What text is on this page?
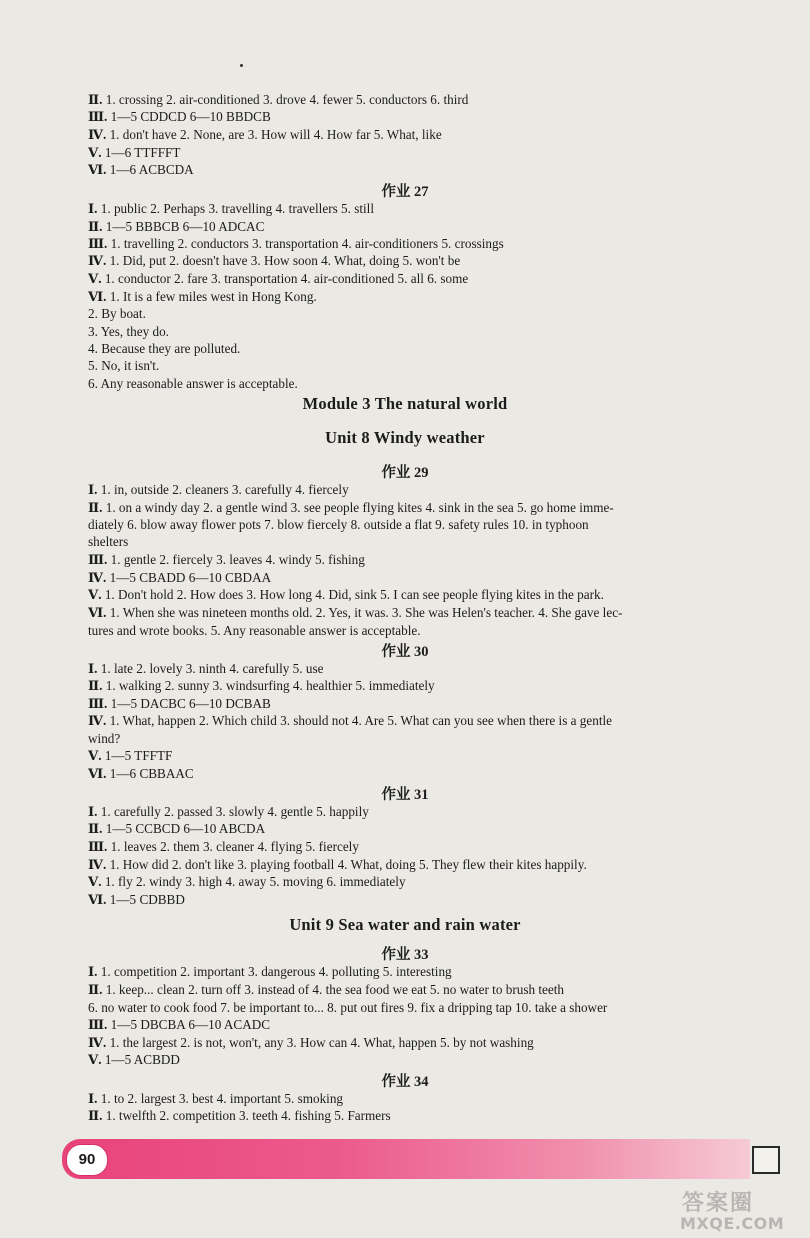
Ⅱ. 1. crossing 2. air-conditioned 3. drove 4. fewer 5. conductors 6. third
Ⅲ. 1—5 CDDCD 6—10 BBDCB
Ⅳ. 1. don't have 2. None, are 3. How will 4. How far 5. What, like
Ⅴ. 1—6 TTFFFT
Ⅵ. 1—6 ACBCDA
作业 27
Ⅰ. 1. public 2. Perhaps 3. travelling 4. travellers 5. still
Ⅱ. 1—5 BBBCB 6—10 ADCAC
Ⅲ. 1. travelling 2. conductors 3. transportation 4. air-conditioners 5. crossings
Ⅳ. 1. Did, put 2. doesn't have 3. How soon 4. What, doing 5. won't be
Ⅴ. 1. conductor 2. fare 3. transportation 4. air-conditioned 5. all 6. some
Ⅵ. 1. It is a few miles west in Hong Kong.
2. By boat.
3. Yes, they do.
4. Because they are polluted.
5. No, it isn't.
6. Any reasonable answer is acceptable.
Module 3 The natural world
Unit 8 Windy weather
作业 29
Ⅰ. 1. in, outside 2. cleaners 3. carefully 4. fiercely
Ⅱ. 1. on a windy day 2. a gentle wind 3. see people flying kites 4. sink in the sea 5. go home imme-
diately 6. blow away flower pots 7. blow fiercely 8. outside a flat 9. safety rules 10. in typhoon
shelters
Ⅲ. 1. gentle 2. fiercely 3. leaves 4. windy 5. fishing
Ⅳ. 1—5 CBADD 6—10 CBDAA
Ⅴ. 1. Don't hold 2. How does 3. How long 4. Did, sink 5. I can see people flying kites in the park.
Ⅵ. 1. When she was nineteen months old. 2. Yes, it was. 3. She was Helen's teacher. 4. She gave lec-
tures and wrote books. 5. Any reasonable answer is acceptable.
作业 30
Ⅰ. 1. late 2. lovely 3. ninth 4. carefully 5. use
Ⅱ. 1. walking 2. sunny 3. windsurfing 4. healthier 5. immediately
Ⅲ. 1—5 DACBC 6—10 DCBAB
Ⅳ. 1. What, happen 2. Which child 3. should not 4. Are 5. What can you see when there is a gentle
wind?
Ⅴ. 1—5 TFFTF
Ⅵ. 1—6 CBBAAC
作业 31
Ⅰ. 1. carefully 2. passed 3. slowly 4. gentle 5. happily
Ⅱ. 1—5 CCBCD 6—10 ABCDA
Ⅲ. 1. leaves 2. them 3. cleaner 4. flying 5. fiercely
Ⅳ. 1. How did 2. don't like 3. playing football 4. What, doing 5. They flew their kites happily.
Ⅴ. 1. fly 2. windy 3. high 4. away 5. moving 6. immediately
Ⅵ. 1—5 CDBBD
Unit 9 Sea water and rain water
作业 33
Ⅰ. 1. competition 2. important 3. dangerous 4. polluting 5. interesting
Ⅱ. 1. keep... clean 2. turn off 3. instead of 4. the sea food we eat 5. no water to brush teeth
6. no water to cook food 7. be important to... 8. put out fires 9. fix a dripping tap 10. take a shower
Ⅲ. 1—5 DBCBA 6—10 ACADC
Ⅳ. 1. the largest 2. is not, won't, any 3. How can 4. What, happen 5. by not washing
Ⅴ. 1—5 ACBDD
作业 34
Ⅰ. 1. to 2. largest 3. best 4. important 5. smoking
Ⅱ. 1. twelfth 2. competition 3. teeth 4. fishing 5. Farmers
90
答案圈
MXQE.COM
